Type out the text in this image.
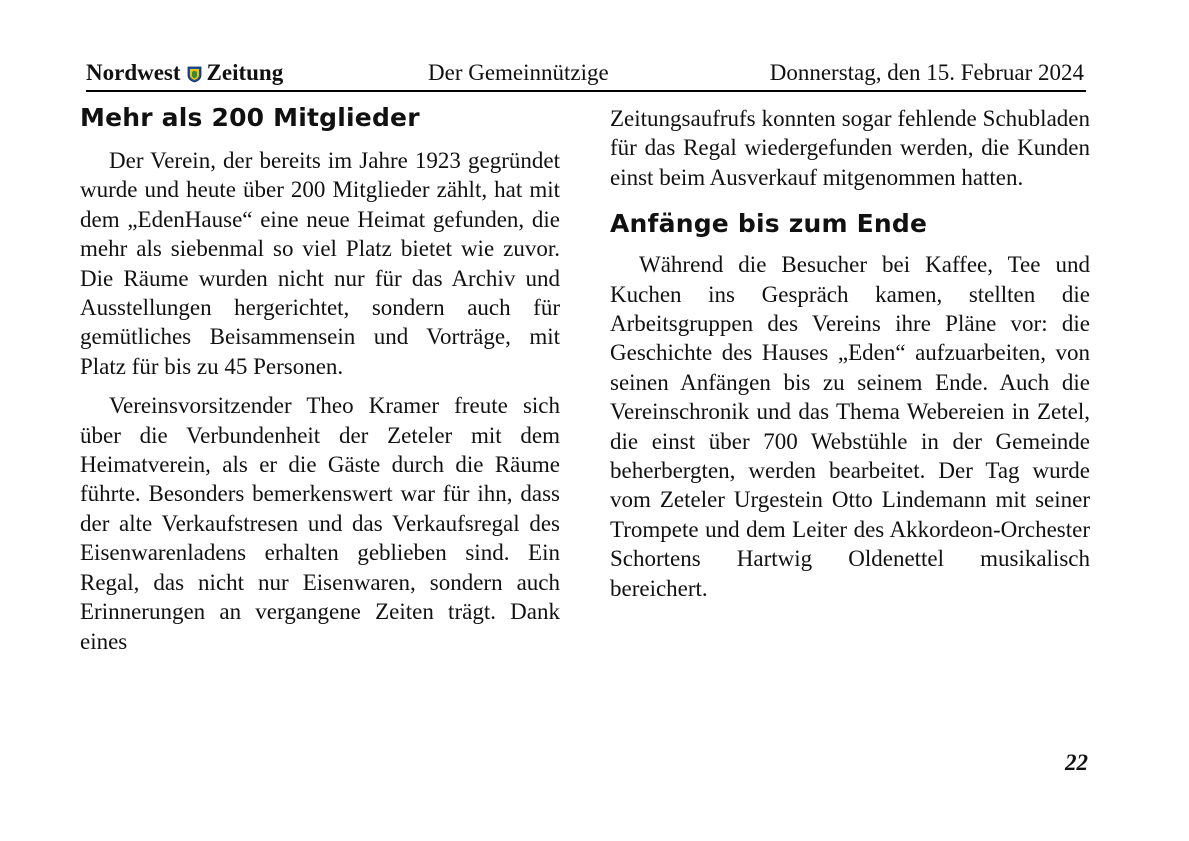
Nordwest Zeitung	Der Gemeinnützige	Donnerstag, den 15. Februar 2024
Mehr als 200 Mitglieder

Der Verein, der bereits im Jahre 1923 gegründet wurde und heute über 200 Mitglieder zählt, hat mit dem „EdenHause“ eine neue Heimat gefunden, die mehr als siebenmal so viel Platz bietet wie zuvor. Die Räume wurden nicht nur für das Archiv und Ausstellungen hergerichtet, sondern auch für gemütliches Beisammensein und Vorträge, mit Platz für bis zu 45 Personen.

Vereinsvorsitzender Theo Kramer freute sich über die Verbundenheit der Zeteler mit dem Heimatverein, als er die Gäste durch die Räume führte. Besonders bemerkenswert war für ihn, dass der alte Verkaufstresen und das Verkaufsregal des Eisenwarenladens erhalten geblieben sind. Ein Regal, das nicht nur Eisenwaren, sondern auch Erinnerungen an vergangene Zeiten trägt. Dank eines

Zeitungsaufrufs konnten sogar fehlende Schubladen für das Regal wiedergefunden werden, die Kunden einst beim Ausverkauf mitgenommen hatten.

Anfänge bis zum Ende

Während die Besucher bei Kaffee, Tee und Kuchen ins Gespräch kamen, stellten die Arbeitsgruppen des Vereins ihre Pläne vor: die Geschichte des Hauses „Eden“ aufzuarbeiten, von seinen Anfängen bis zu seinem Ende. Auch die Vereinschronik und das Thema Webereien in Zetel, die einst über 700 Webstühle in der Gemeinde beherbergten, werden bearbeitet. Der Tag wurde vom Zeteler Urgestein Otto Lindemann mit seiner Trompete und dem Leiter des Akkordeon-Orchester Schortens Hartwig Oldenettel musikalisch bereichert.

22
